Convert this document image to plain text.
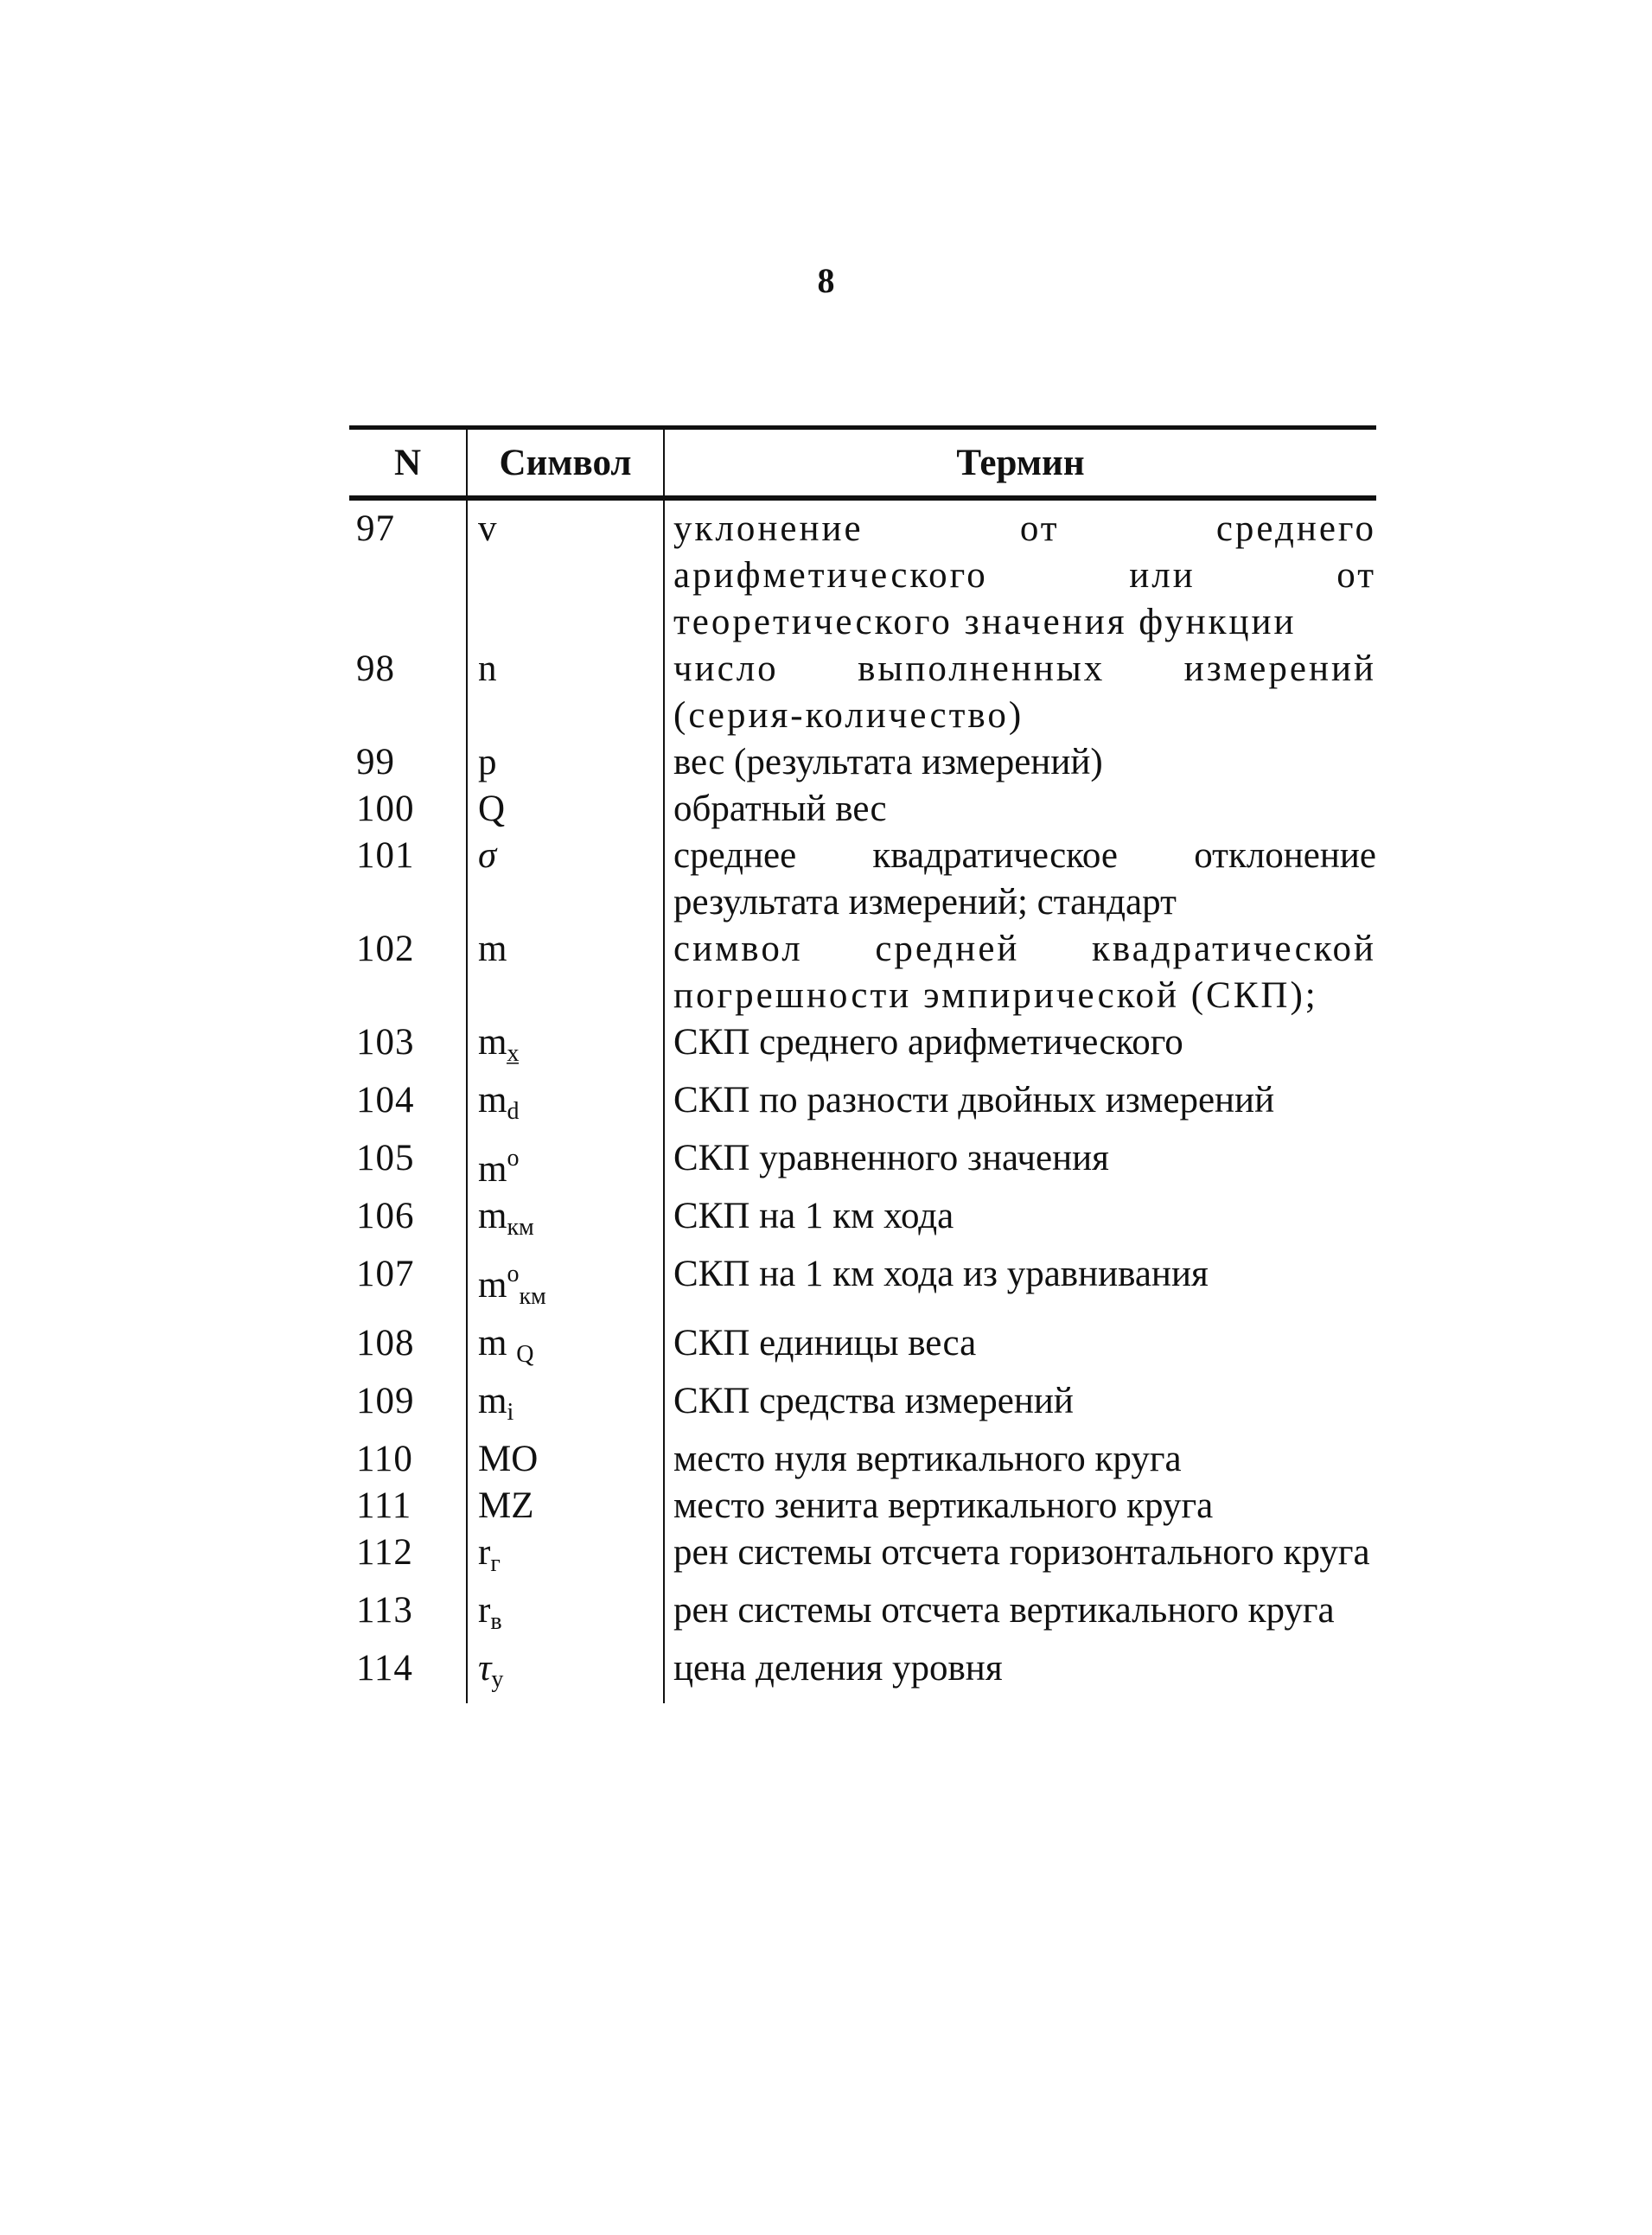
8
N	Символ	Термин
97	v	уклонение от среднего арифметического или от теоретического значения функции
98	n	число выполненных измерений (серия-количество)
99	p	вес (результата измерений)
100	Q	обратный вес
101	σ	среднее квадратическое отклонение результата измерений; стандарт
102	m	символ средней квадратической погрешности эмпирической (СКП);
103	mx̲	СКП среднего арифметического
104	md	СКП по разности двойных измерений
105	$m^o$	СКП уравненного значения
106	mкм	СКП на 1 км хода
107	$m^oкм$	СКП на 1 км хода из уравнивания
108	m Q	СКП единицы веса
109	mi	СКП средства измерений
110	MO	место нуля вертикального круга
111	MZ	место зенита вертикального круга
112	rг	рен системы отсчета горизонтального круга
113	rв	рен системы отсчета вертикального круга
114	τу	цена деления уровня
